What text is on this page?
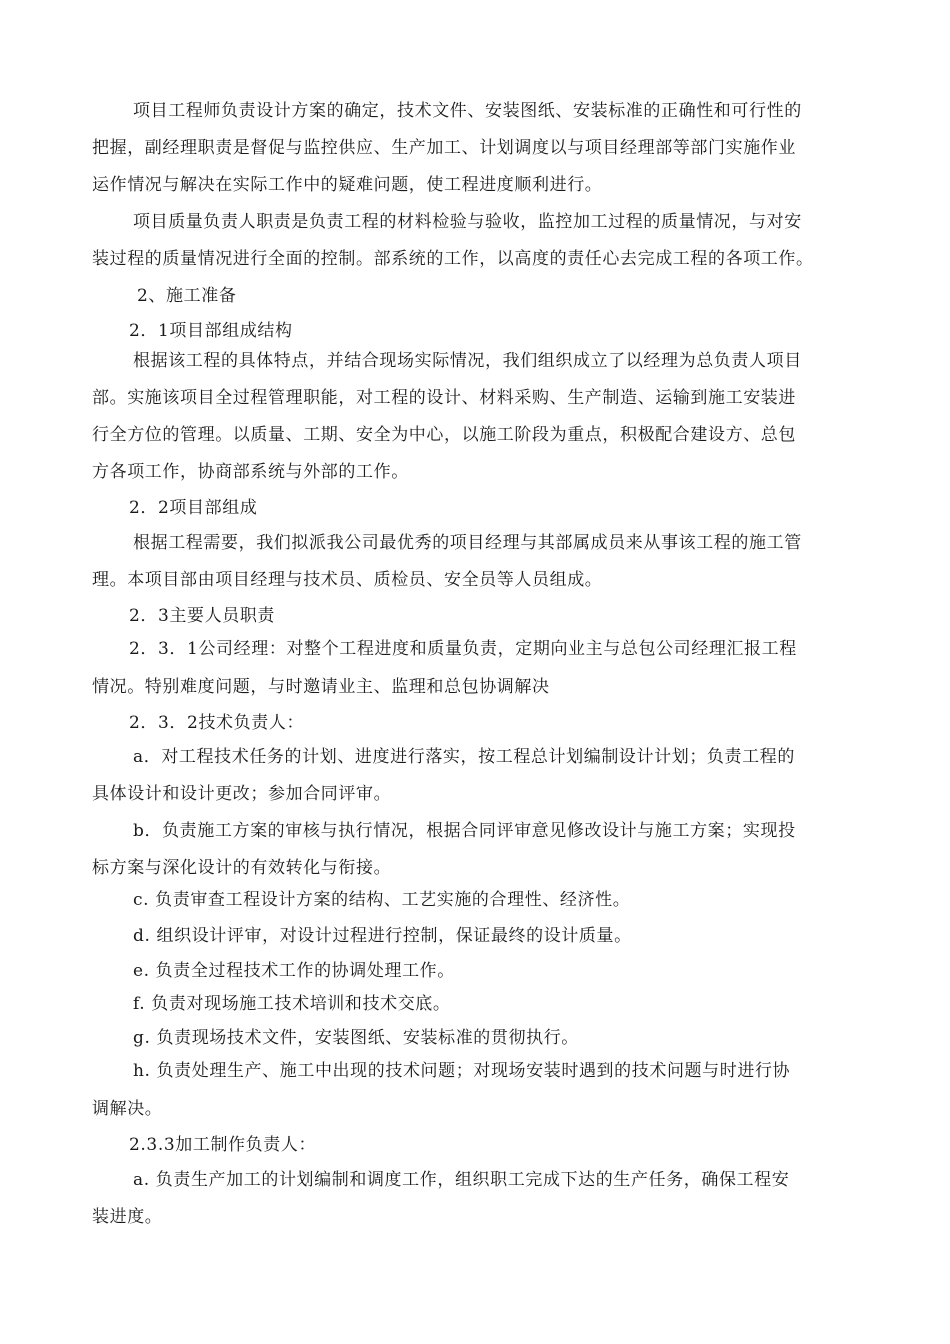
项目工程师负责设计方案的确定，技术文件、安装图纸、安装标准的正确性和可行性的
把握，副经理职责是督促与监控供应、生产加工、计划调度以与项目经理部等部门实施作业
运作情况与解决在实际工作中的疑难问题，使工程进度顺利进行。
项目质量负责人职责是负责工程的材料检验与验收，监控加工过程的质量情况，与对安
装过程的质量情况进行全面的控制。部系统的工作，以高度的责任心去完成工程的各项工作。
2、施工准备
2．1项目部组成结构
根据该工程的具体特点，并结合现场实际情况，我们组织成立了以经理为总负责人项目
部。实施该项目全过程管理职能，对工程的设计、材料采购、生产制造、运输到施工安装进
行全方位的管理。以质量、工期、安全为中心，以施工阶段为重点，积极配合建设方、总包
方各项工作，协商部系统与外部的工作。
2．2项目部组成
根据工程需要，我们拟派我公司最优秀的项目经理与其部属成员来从事该工程的施工管
理。本项目部由项目经理与技术员、质检员、安全员等人员组成。
2．3主要人员职责
2．3．1公司经理：对整个工程进度和质量负责，定期向业主与总包公司经理汇报工程
情况。特别难度问题，与时邀请业主、监理和总包协调解决
2．3．2技术负责人：
a．对工程技术任务的计划、进度进行落实，按工程总计划编制设计计划；负责工程的
具体设计和设计更改；参加合同评审。
b．负责施工方案的审核与执行情况，根据合同评审意见修改设计与施工方案；实现投
标方案与深化设计的有效转化与衔接。
c. 负责审查工程设计方案的结构、工艺实施的合理性、经济性。
d. 组织设计评审，对设计过程进行控制，保证最终的设计质量。
e. 负责全过程技术工作的协调处理工作。
f. 负责对现场施工技术培训和技术交底。
g. 负责现场技术文件，安装图纸、安装标准的贯彻执行。
h. 负责处理生产、施工中出现的技术问题；对现场安装时遇到的技术问题与时进行协
调解决。
2.3.3加工制作负责人：
a. 负责生产加工的计划编制和调度工作，组织职工完成下达的生产任务，确保工程安
装进度。
